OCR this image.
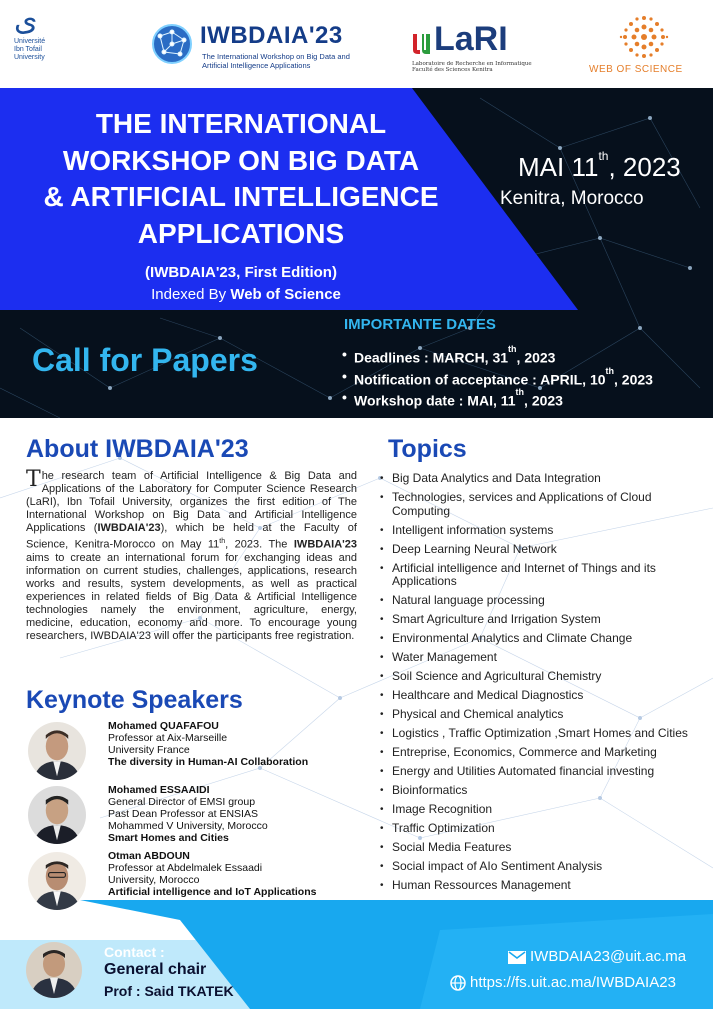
ﻯ
Université
Ibn Tofail University
IWBDAIA'23
The International Workshop on Big Data and Artificial Intelligence Applications
LaRI
Laboratoire de Recherche en Informatique Faculté des Sciences Kenitra	WEB OF SCIENCE
THE INTERNATIONAL
WORKSHOP ON BIG DATA
& ARTIFICIAL INTELLIGENCE
APPLICATIONS
(IWBDAIA'23, First Edition)
Indexed By Web of Science
MAI 11th, 2023
Kenitra, Morocco
Call for Papers
IMPORTANTE DATES
• Deadlines : MARCH, 31th, 2023
• Notification of acceptance : APRIL, 10th, 2023
• Workshop date : MAI, 11th, 2023
About IWBDAIA'23
The research team of Artificial Intelligence & Big Data and Applications of the Laboratory for Computer Science Research (LaRI), Ibn Tofail University, organizes the first edition of The International Workshop on Big Data and Artificial Intelligence Applications (IWBDAIA'23), which be held at the Faculty of Science, Kenitra-Morocco on May 11th, 2023. The IWBDAIA'23 aims to create an international forum for exchanging ideas and information on current studies, challenges, applications, research works and results, system developments, as well as practical experiences in related fields of Big Data & Artificial Intelligence technologies namely the environment, agriculture, energy, medicine, education, economy and more. To encourage young researchers, IWBDAIA'23 will offer the participants free registration.
Keynote Speakers
Mohamed QUAFAFOU
Professor at Aix-Marseille
University France
The diversity in Human-AI Collaboration
Mohamed ESSAAIDI
General Director of EMSI group
Past Dean Professor at ENSIAS
Mohammed V University, Morocco
Smart Homes and Cities
Otman ABDOUN
Professor at Abdelmalek Essaadi
University, Morocco
Artificial intelligence and IoT Applications
Topics
• Big Data Analytics and Data Integration
• Technologies, services and Applications of Cloud Computing
• Intelligent information systems
• Deep Learning Neural Network
• Artificial intelligence and Internet of Things and its Applications
• Natural language processing
• Smart Agriculture and Irrigation System
• Environmental Analytics and Climate Change
• Water Management
• Soil Science and Agricultural Chemistry
• Healthcare and Medical Diagnostics
• Physical and Chemical analytics
• Logistics , Traffic Optimization ,Smart Homes and Cities
• Entreprise, Economics, Commerce and Marketing
• Energy and Utilities Automated financial investing
• Bioinformatics
• Image Recognition
• Traffic Optimization
• Social Media Features
• Social impact of AIo Sentiment Analysis
• Human Ressources Management
Contact :
General chair
Prof : Said TKATEK
IWBDAIA23@uit.ac.ma
https://fs.uit.ac.ma/IWBDAIA23
